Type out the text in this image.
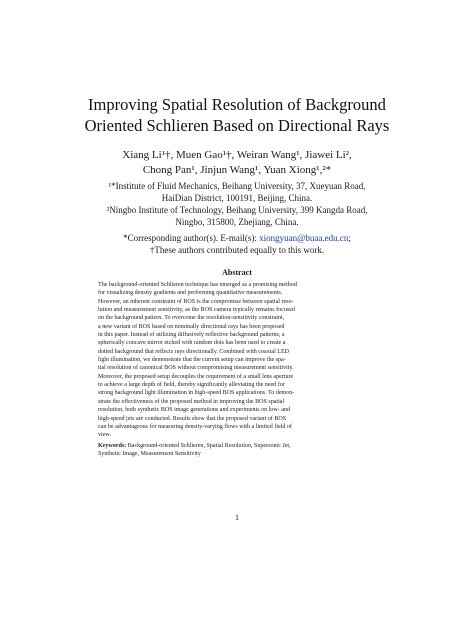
Improving Spatial Resolution of Background
Oriented Schlieren Based on Directional Rays
Xiang Li¹†, Muen Gao¹†, Weiran Wang¹, Jiawei Li²,
Chong Pan¹, Jinjun Wang¹, Yuan Xiong¹,²*
¹*Institute of Fluid Mechanics, Beihang University, 37, Xueyuan Road,
HaiDian District, 100191, Beijing, China.
²Ningbo Institute of Technology, Beihang University, 399 Kangda Road,
Ningbo, 315800, Zhejiang, China.
*Corresponding author(s). E-mail(s): xiongyuan@buaa.edu.cn;
†These authors contributed equally to this work.
Abstract
The background-oriented Schlieren technique has emerged as a promising method
for visualizing density gradients and performing quantitative measurements.
However, an inherent constraint of BOS is the compromise between spatial reso-
lution and measurement sensitivity, as the BOS camera typically remains focused
on the background pattern. To overcome the resolution-sensitivity constraint,
a new variant of BOS based on nominally directional rays has been proposed
in this paper. Instead of utilizing diffusively reflective background patterns, a
spherically concave mirror etched with random dots has been used to create a
dotted background that reflects rays directionally. Combined with coaxial LED
light illumination, we demonstrate that the current setup can improve the spa-
tial resolution of canonical BOS without compromising measurement sensitivity.
Moreover, the proposed setup decouples the requirement of a small lens aperture
to achieve a large depth of field, thereby significantly alleviating the need for
strong background light illumination in high-speed BOS applications. To demon-
strate the effectiveness of the proposed method in improving the BOS spatial
resolution, both synthetic BOS image generations and experiments on low- and
high-speed jets are conducted. Results show that the proposed variant of BOS
can be advantageous for measuring density-varying flows with a limited field of
view.
Keywords: Background-oriented Schlieren, Spatial Resolution, Supersonic Jet,
Synthetic Image, Measurement Sensitivity
1
